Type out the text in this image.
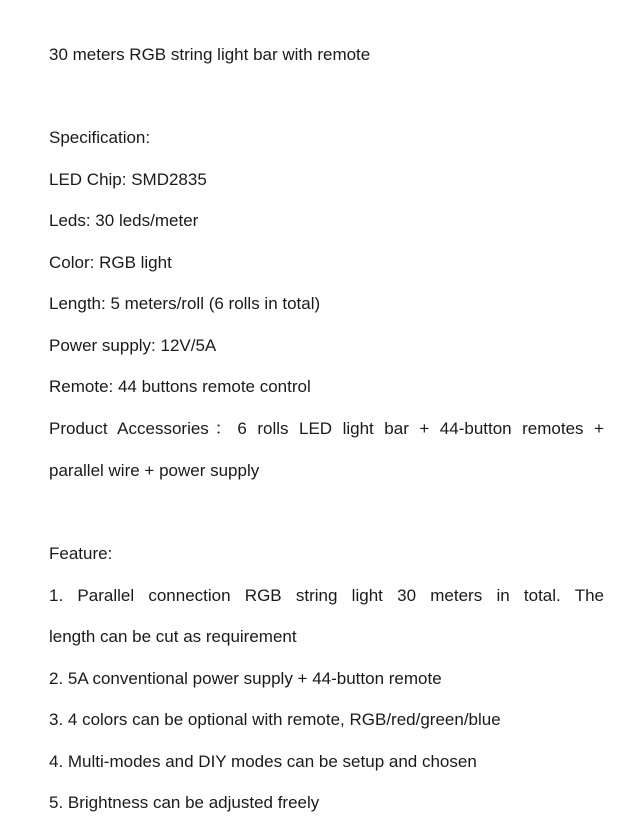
30 meters RGB string light bar with remote
Specification:
LED Chip: SMD2835
Leds: 30 leds/meter
Color: RGB light
Length: 5 meters/roll (6 rolls in total)
Power supply: 12V/5A
Remote: 44 buttons remote control
Product Accessories：6 rolls LED light bar + 44-button remotes +
parallel wire + power supply
Feature:
1. Parallel connection RGB string light 30 meters in total. The
length can be cut as requirement
2. 5A conventional power supply + 44-button remote
3. 4 colors can be optional with remote, RGB/red/green/blue
4. Multi-modes and DIY modes can be setup and chosen
5. Brightness can be adjusted freely
